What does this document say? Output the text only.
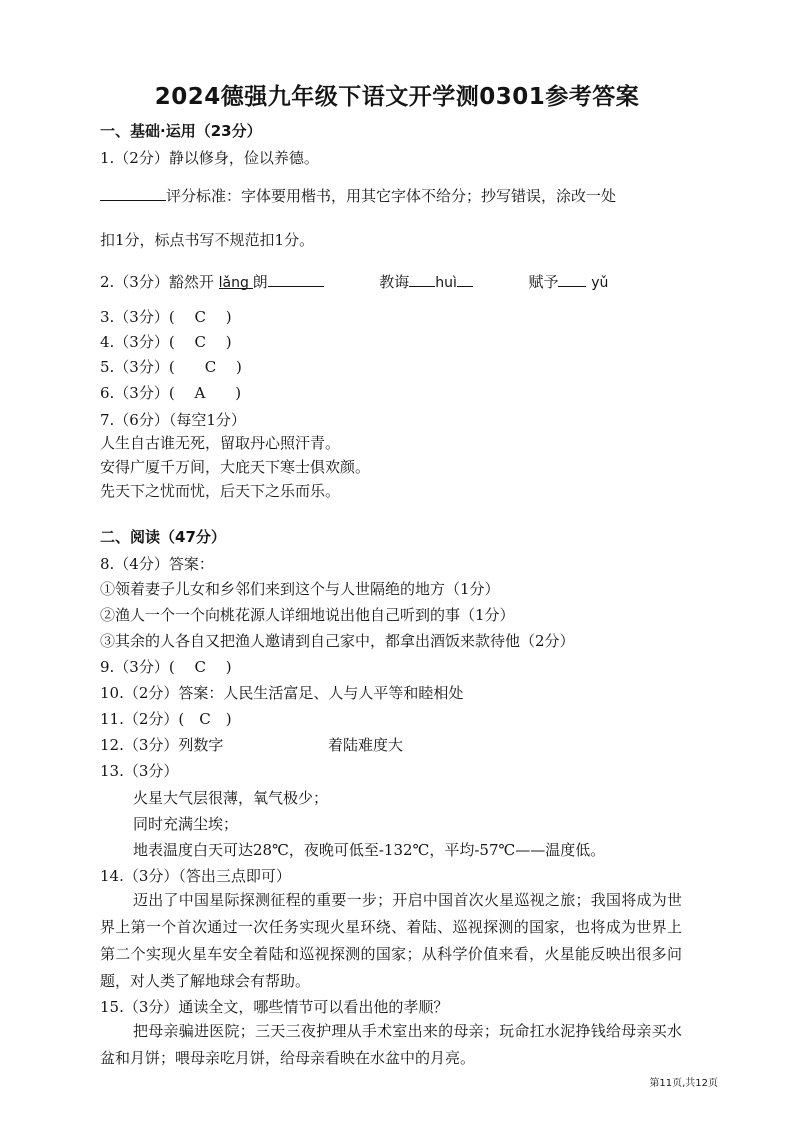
2024德强九年级下语文开学测0301参考答案
一、基础·运用（23分）
1.（2分）静以修身，俭以养德。
评分标准：字体要用楷书，用其它字体不给分；抄写错误，涂改一处
扣1分，标点书写不规范扣1分。
2.（3分）豁然开 lǎng 朗	教诲 huì	赋予 yǔ
3.（3分）(　 C　 )
4.（3分）(　 C　 )
5.（3分）(　　C　 )
6.（3分）(　 A　　)
7.（6分）（每空1分）
人生自古谁无死，留取丹心照汗青。
安得广厦千万间，大庇天下寒士俱欢颜。
先天下之忧而忧，后天下之乐而乐。
二、阅读（47分）
8.（4分）答案：
①领着妻子儿女和乡邻们来到这个与人世隔绝的地方（1分）
②渔人一个一个向桃花源人详细地说出他自己听到的事（1分）
③其余的人各自又把渔人邀请到自己家中，都拿出酒饭来款待他（2分）
9.（3分）(　 C　 )
10.（2分）答案：人民生活富足、人与人平等和睦相处
11.（2分）(　C　)
12.（3分）列数字	着陆难度大
13.（3分）
火星大气层很薄，氧气极少；
同时充满尘埃；
地表温度白天可达28℃，夜晚可低至-132℃，平均-57℃——温度低。
14.（3分）（答出三点即可）
迈出了中国星际探测征程的重要一步；开启中国首次火星巡视之旅；我国将成为世界上第一个首次通过一次任务实现火星环绕、着陆、巡视探测的国家，也将成为世界上第二个实现火星车安全着陆和巡视探测的国家；从科学价值来看，火星能反映出很多问题，对人类了解地球会有帮助。
15.（3分）通读全文，哪些情节可以看出他的孝顺？
把母亲骗进医院；三天三夜护理从手术室出来的母亲；玩命扛水泥挣钱给母亲买水盆和月饼；喂母亲吃月饼，给母亲看映在水盆中的月亮。
第11页,共12页
